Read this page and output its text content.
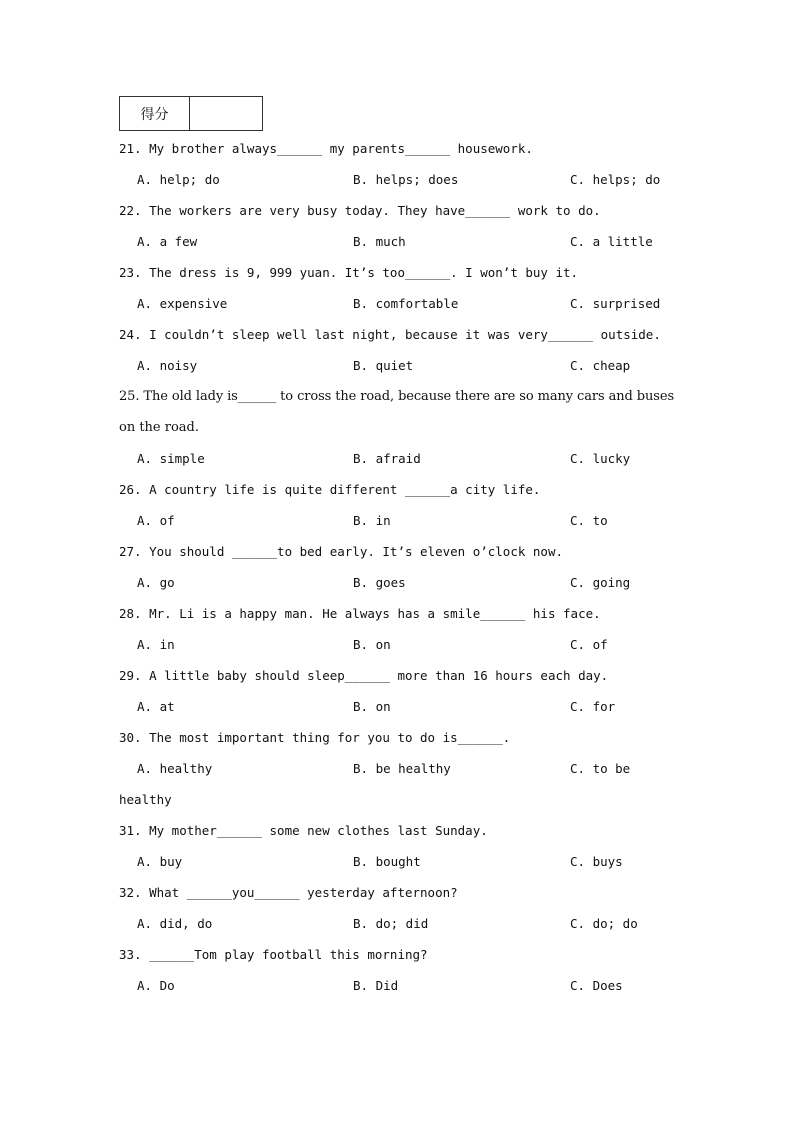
得分
21. My brother always______ my parents______ housework.
A. help; do	B. helps; does	C. helps; do
22. The workers are very busy today. They have______ work to do.
A. a few	B. much	C. a little
23. The dress is 9, 999 yuan. It’s too______. I won’t buy it.
A. expensive	B. comfortable	C. surprised
24. I couldn’t sleep well last night, because it was very______ outside.
A. noisy	B. quiet	C. cheap
25. The old lady is______ to cross the road, because there are so many cars and buses
on the road.
A. simple	B. afraid	C. lucky
26. A country life is quite different ______a city life.
A. of	B. in	C. to
27. You should ______to bed early. It’s eleven o’clock now.
A. go	B. goes	C. going
28. Mr. Li is a happy man. He always has a smile______ his face.
A. in	B. on	C. of
29. A little baby should sleep______ more than 16 hours each day.
A. at	B. on	C. for
30. The most important thing for you to do is______.
A. healthy	B. be healthy	C. to be
healthy
31. My mother______ some new clothes last Sunday.
A. buy	B. bought	C. buys
32. What ______you______ yesterday afternoon?
A. did, do	B. do; did	C. do; do
33. ______Tom play football this morning?
A. Do	B. Did	C. Does
